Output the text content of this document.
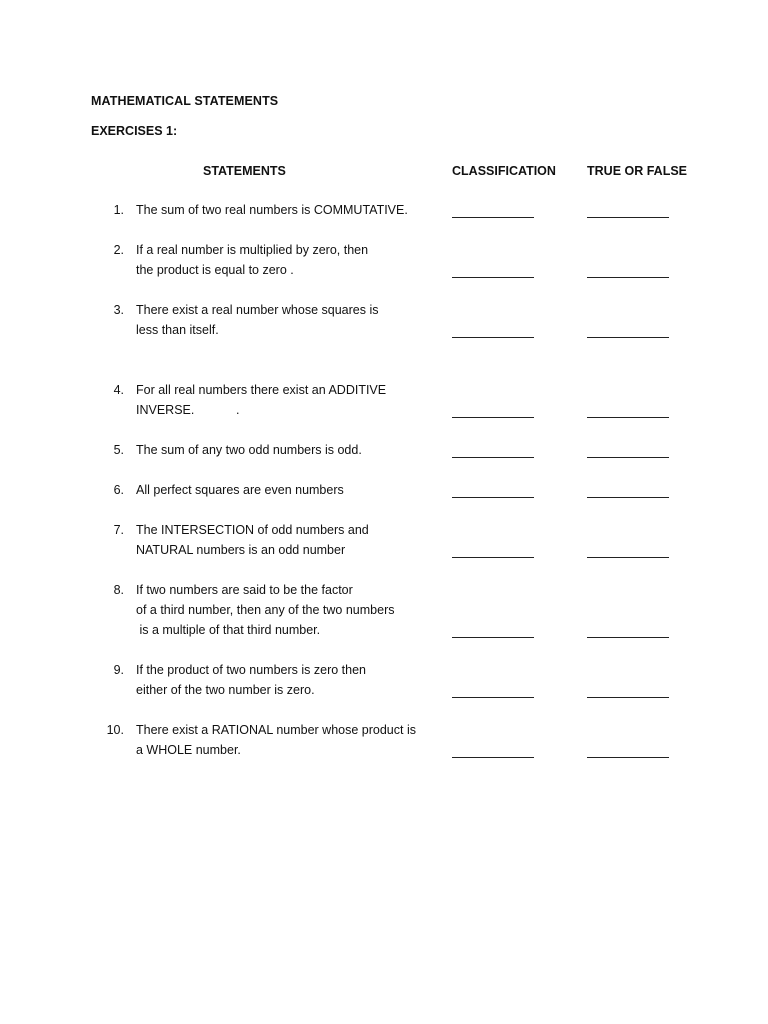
MATHEMATICAL STATEMENTS
EXERCISES 1:
STATEMENTS	CLASSIFICATION TRUE OR FALSE
1. The sum of two real numbers is COMMUTATIVE.
2. If a real number is multiplied by zero, then
the product is equal to zero .
3. There exist a real number whose squares is
less than itself.
4. For all real numbers there exist an ADDITIVE
INVERSE.            .
5. The sum of any two odd numbers is odd.
6. All perfect squares are even numbers
7. The INTERSECTION of odd numbers and
NATURAL numbers is an odd number
8. If two numbers are said to be the factor
of a third number, then any of the two numbers
is a multiple of that third number.
9. If the product of two numbers is zero then
either of the two number is zero.
10. There exist a RATIONAL number whose product is
a WHOLE number.
